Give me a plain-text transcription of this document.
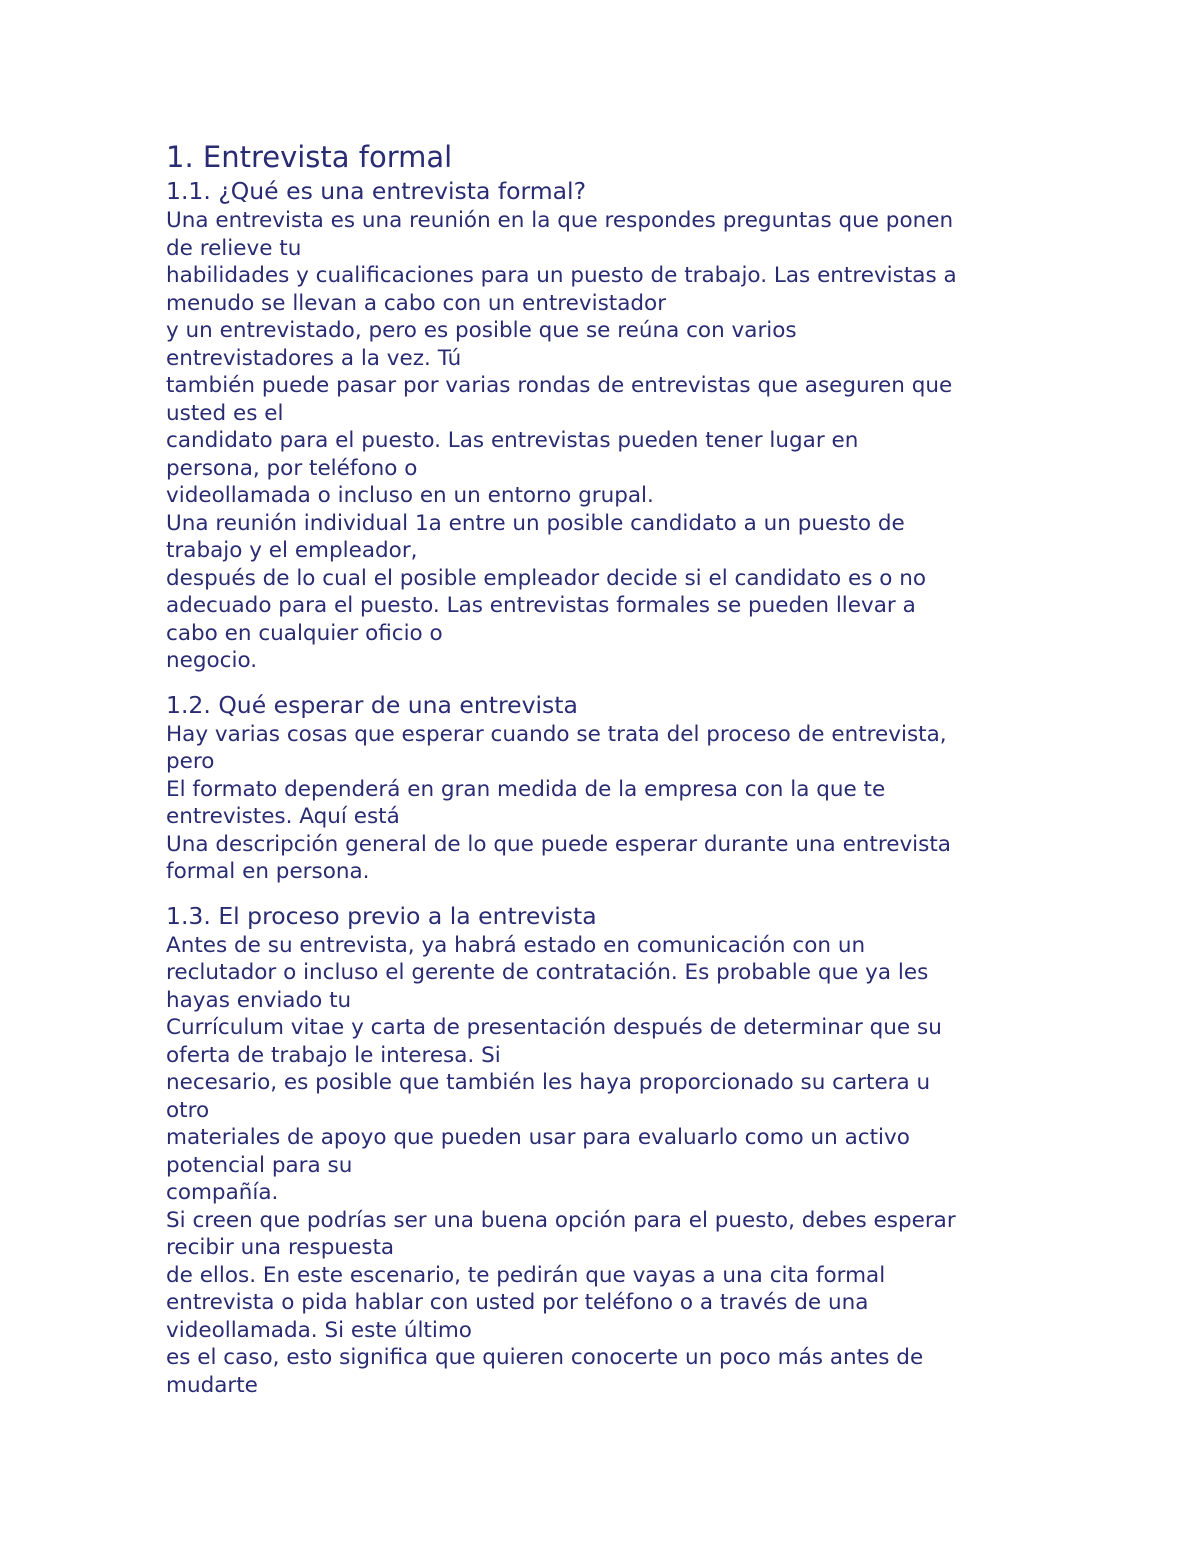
1. Entrevista formal
1.1. ¿Qué es una entrevista formal?

Una entrevista es una reunión en la que respondes preguntas que ponen

de relieve tu

habilidades y cualificaciones para un puesto de trabajo. Las entrevistas a

menudo se llevan a cabo con un entrevistador

y un entrevistado, pero es posible que se reúna con varios

entrevistadores a la vez. Tú

también puede pasar por varias rondas de entrevistas que aseguren que

usted es el

candidato para el puesto. Las entrevistas pueden tener lugar en

persona, por teléfono o

videollamada o incluso en un entorno grupal.

Una reunión individual 1a entre un posible candidato a un puesto de

trabajo y el empleador,

después de lo cual el posible empleador decide si el candidato es o no

adecuado para el puesto. Las entrevistas formales se pueden llevar a

cabo en cualquier oficio o

negocio.

1.2. Qué esperar de una entrevista

Hay varias cosas que esperar cuando se trata del proceso de entrevista,

pero

El formato dependerá en gran medida de la empresa con la que te

entrevistes. Aquí está

Una descripción general de lo que puede esperar durante una entrevista

formal en persona.

1.3. El proceso previo a la entrevista

Antes de su entrevista, ya habrá estado en comunicación con un

reclutador o incluso el gerente de contratación. Es probable que ya les

hayas enviado tu

Currículum vitae y carta de presentación después de determinar que su

oferta de trabajo le interesa. Si

necesario, es posible que también les haya proporcionado su cartera u

otro

materiales de apoyo que pueden usar para evaluarlo como un activo

potencial para su

compañía.

Si creen que podrías ser una buena opción para el puesto, debes esperar

recibir una respuesta

de ellos. En este escenario, te pedirán que vayas a una cita formal

entrevista o pida hablar con usted por teléfono o a través de una

videollamada. Si este último

es el caso, esto significa que quieren conocerte un poco más antes de

mudarte
